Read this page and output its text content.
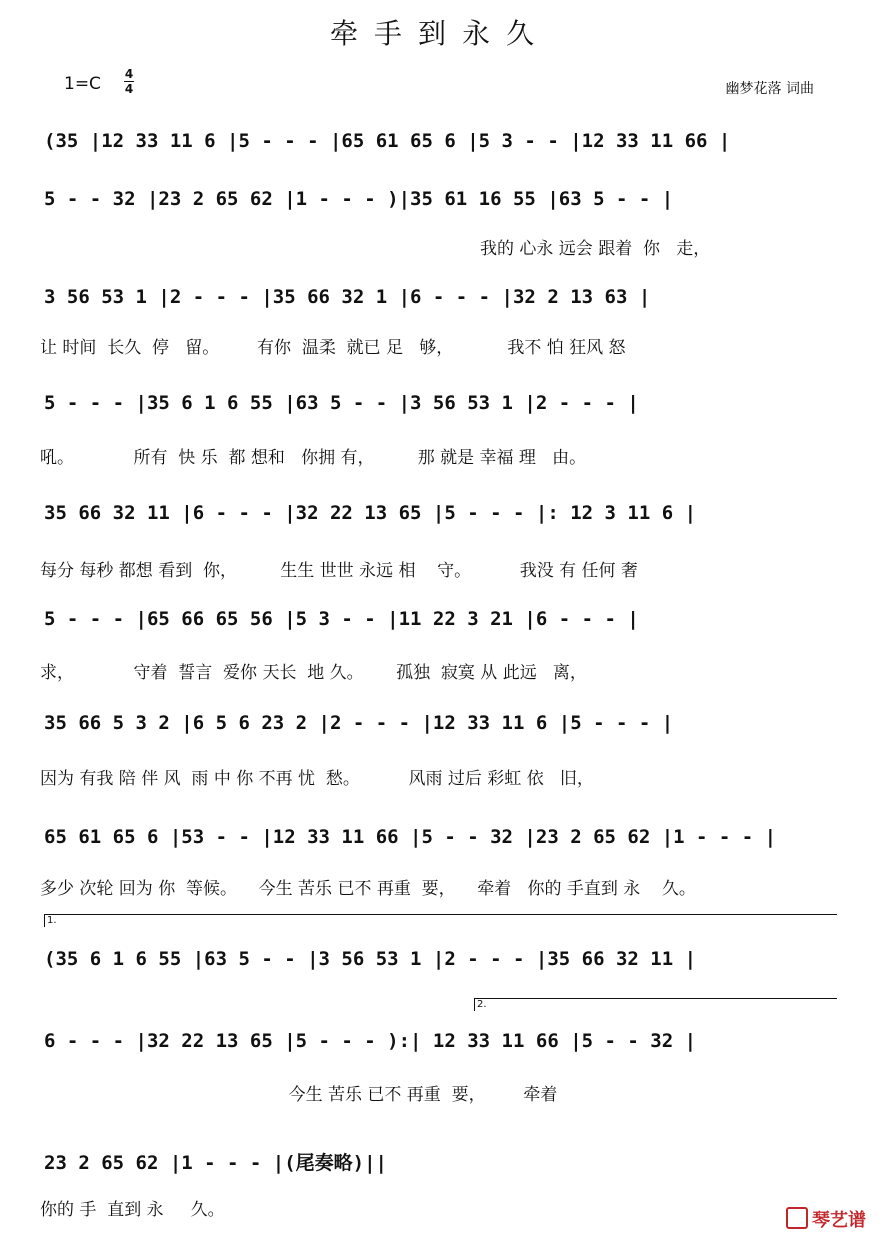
牵手到永久
1=C 4
4	幽梦花落 词曲
(35 |12 33 11 6 |5 - - - |65 61 65 6 |5 3 - - |12 33 11 66 |
5 - - 32 |23 2 65 62 |1 - - - )|35 61 16 55 |63 5 - - |
我的 心永 远会 跟着  你   走，
3 56 53 1 |2 - - - |35 66 32 1 |6 - - - |32 2 13 63 |
让 时间  长久  停   留。       有你  温柔  就已 足   够，          我不 怕 狂风 怒
5 - - - |35 6 1 6 55 |63 5 - - |3 56 53 1 |2 - - - |
吼。           所有  快 乐  都 想和   你拥 有，        那 就是 幸福 理   由。
35 66 32 11 |6 - - - |32 22 13 65 |5 - - - |: 12 3 11 6 |
每分 每秒 都想 看到  你，        生生 世世 永远 相    守。         我没 有 任何 奢
5 - - - |65 66 65 56 |5 3 - - |11 22 3 21 |6 - - - |
求，           守着  誓言  爱你 天长  地 久。      孤独  寂寞 从 此远   离，
35 66 5 3 2 |6 5 6 23 2 |2 - - - |12 33 11 6 |5 - - - |
因为 有我 陪 伴 风  雨 中 你 不再 忧  愁。         风雨 过后 彩虹 依   旧，
65 61 65 6 |53 - - |12 33 11 66 |5 - - 32 |23 2 65 62 |1 - - - |
多少 次轮 回为 你  等候。    今生 苦乐 已不 再重  要，    牵着   你的 手直到 永    久。
1.
(35 6 1 6 55 |63 5 - - |3 56 53 1 |2 - - - |35 66 32 11 |
2.
6 - - - |32 22 13 65 |5 - - - ):| 12 33 11 66 |5 - - 32 |
今生 苦乐 已不 再重  要，       牵着
23 2 65 62 |1 - - - |(尾奏略)||
你的 手  直到 永     久。	琴艺谱
